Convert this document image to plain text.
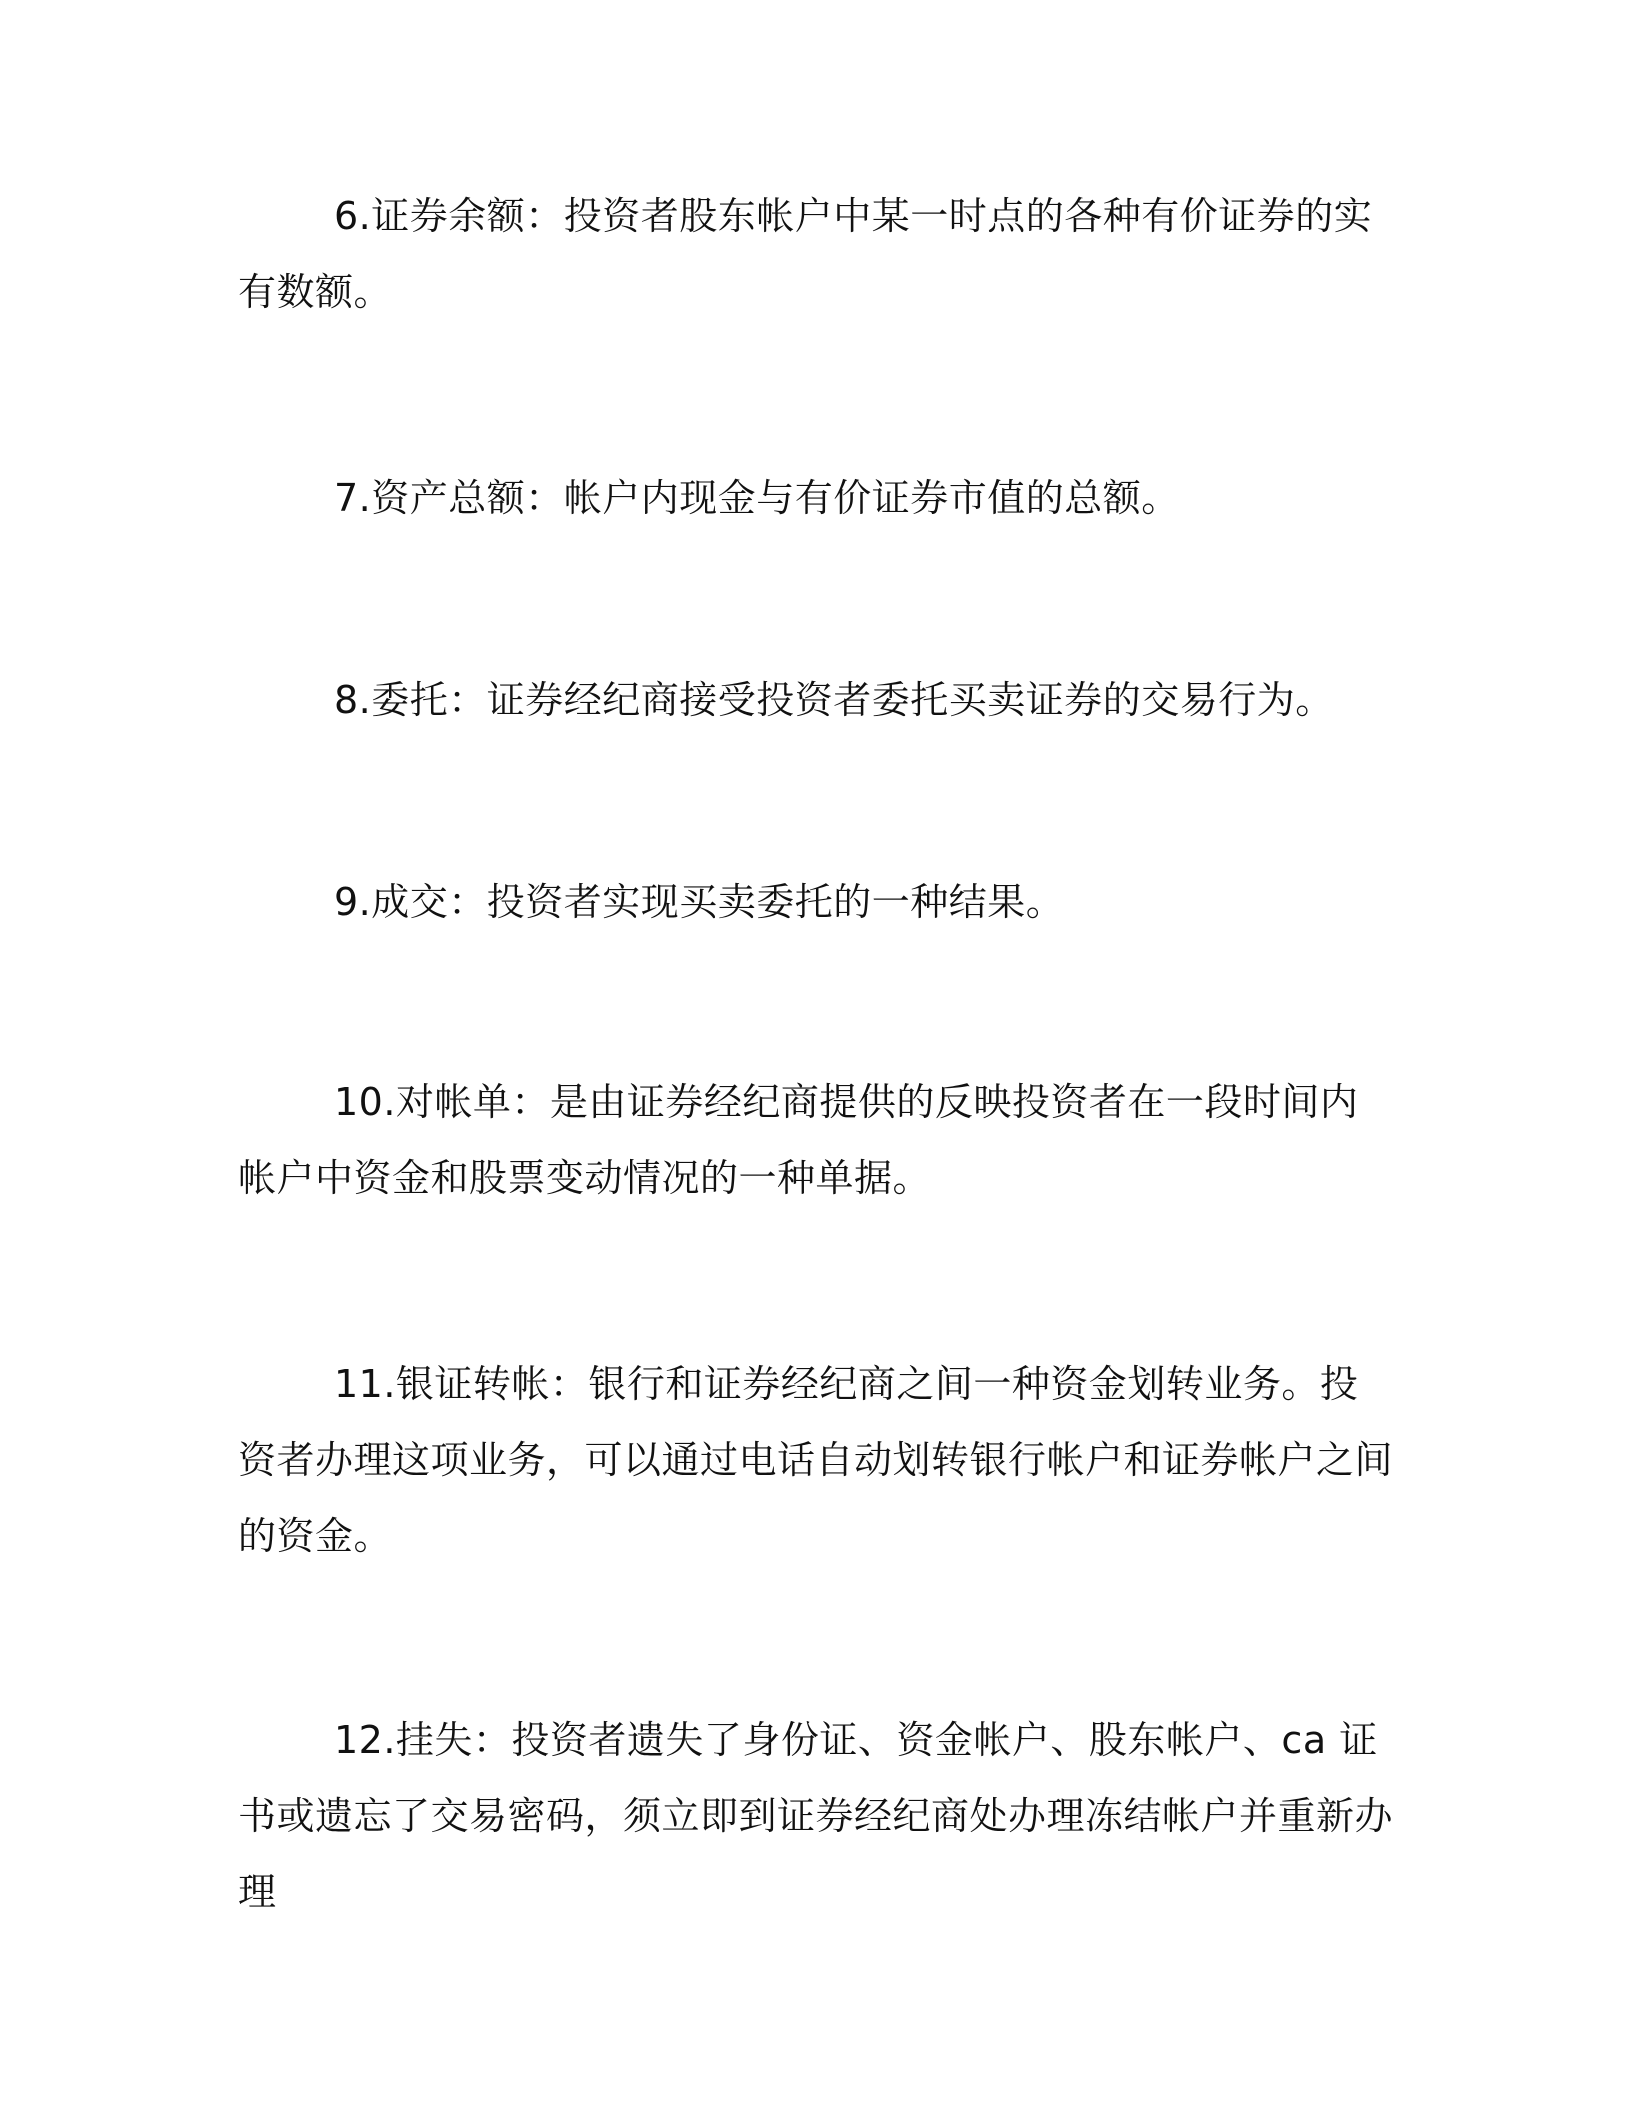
6.证券余额：投资者股东帐户中某一时点的各种有价证券的实有数额。

7.资产总额：帐户内现金与有价证券市值的总额。

8.委托：证券经纪商接受投资者委托买卖证券的交易行为。

9.成交：投资者实现买卖委托的一种结果。

10.对帐单：是由证券经纪商提供的反映投资者在一段时间内帐户中资金和股票变动情况的一种单据。

11.银证转帐：银行和证券经纪商之间一种资金划转业务。投资者办理这项业务，可以通过电话自动划转银行帐户和证券帐户之间的资金。

12.挂失：投资者遗失了身份证、资金帐户、股东帐户、ca 证书或遗忘了交易密码，须立即到证券经纪商处办理冻结帐户并重新办理
